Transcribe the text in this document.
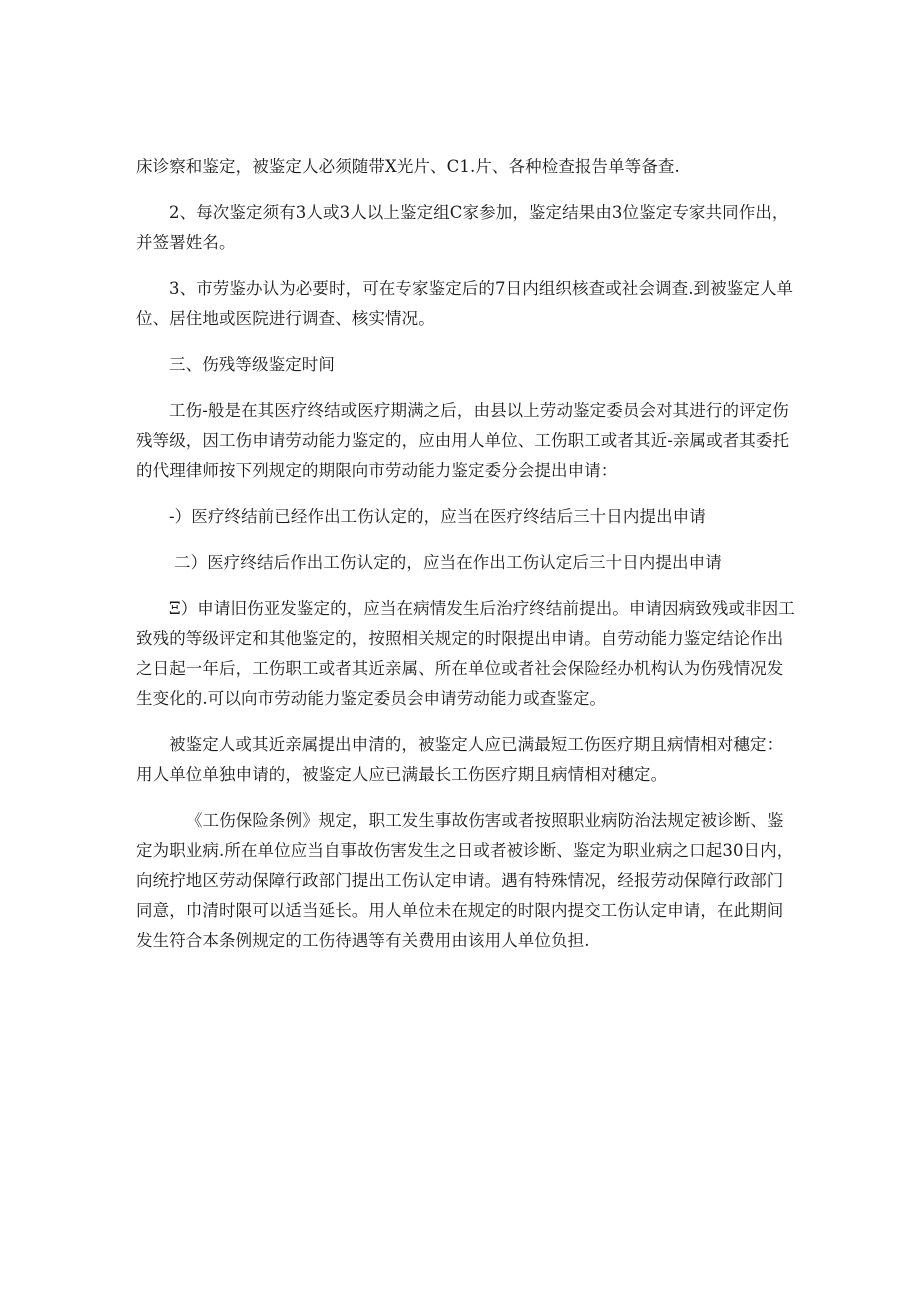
床诊察和鉴定，被鉴定人必须随带X光片、C1.片、各种检查报告单等备查.

2、每次鉴定须有3人或3人以上鉴定组C家参加，鉴定结果由3位鉴定专家共同作出，并签署姓名。

3、市劳鉴办认为必要时，可在专家鉴定后的7日内组织核查或社会调查.到被鉴定人单位、居住地或医院进行调查、核实情况。

三、伤残等级鉴定时间

工伤-般是在其医疗终结或医疗期满之后，由县以上劳动鉴定委员会对其进行的评定伤残等级，因工伤申请劳动能力鉴定的，应由用人单位、工伤职工或者其近-亲属或者其委托的代理律师按下列规定的期限向市劳动能力鉴定委分会提出申请：

-）医疗终结前已经作出工伤认定的，应当在医疗终结后三十日内提出申请

二）医疗终结后作出工伤认定的，应当在作出工伤认定后三十日内提出申请

Ξ）申请旧伤亚发鉴定的，应当在病情发生后治疗终结前提出。申请因病致残或非因工致残的等级评定和其他鉴定的，按照相关规定的时限提出申请。自劳动能力鉴定结论作出之日起一年后，工伤职工或者其近亲属、所在单位或者社会保险经办机构认为伤残情况发生变化的.可以向市劳动能力鉴定委员会申请劳动能力或查鉴定。

被鉴定人或其近亲属提出申清的，被鉴定人应已满最短工伤医疗期且病情相对穗定：用人单位单独申请的，被鉴定人应已满最长工伤医疗期且病情相对穗定。

《工伤保险条例》规定，职工发生事故伤害或者按照职业病防治法规定被诊断、鉴定为职业病.所在单位应当自事故伤害发生之日或者被诊断、鉴定为职业病之口起30日内，向统拧地区劳动保障行政部门提出工伤认定申请。遇有特殊情况，经报劳动保障行政部门同意，巾清时限可以适当延长。用人单位未在规定的时限内提交工伤认定申请，在此期间发生符合本条例规定的工伤待遇等有关费用由该用人单位负担.
